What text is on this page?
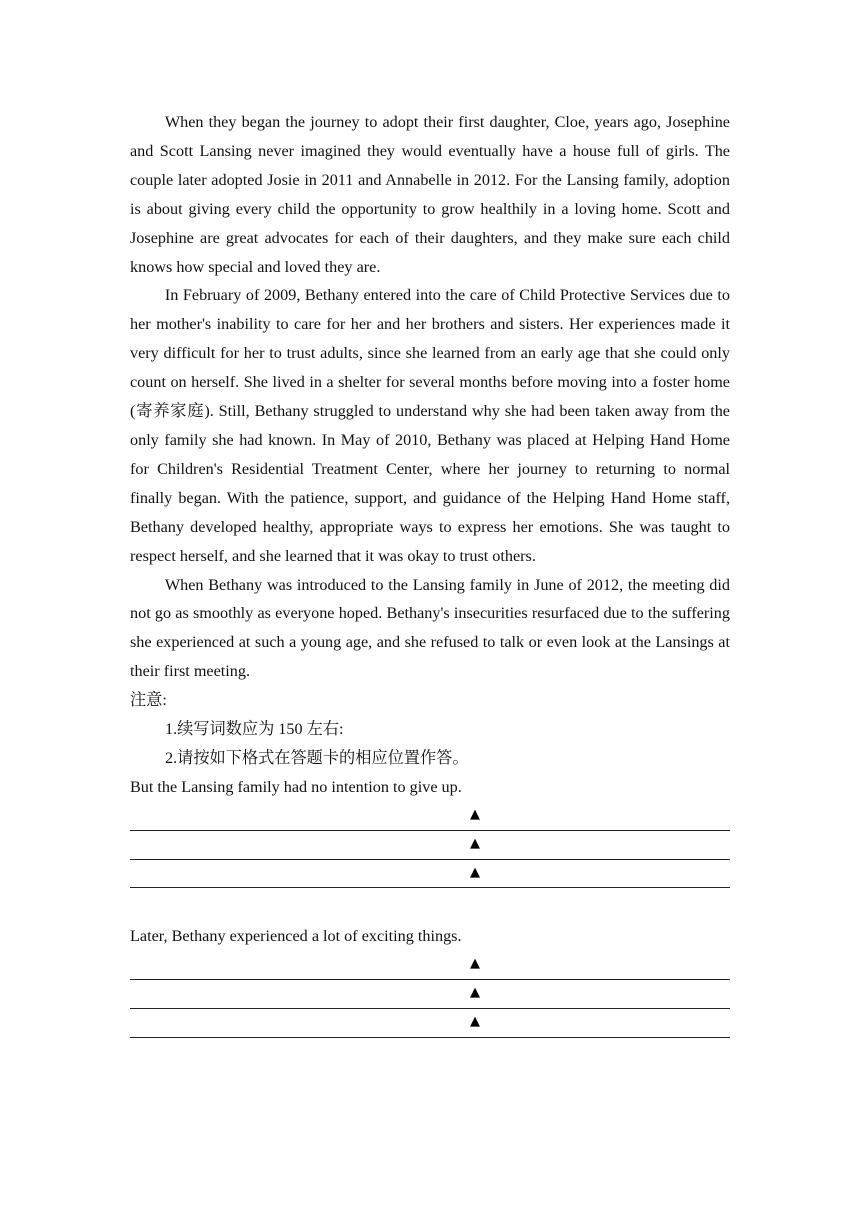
When they began the journey to adopt their first daughter, Cloe, years ago, Josephine and Scott Lansing never imagined they would eventually have a house full of girls. The couple later adopted Josie in 2011 and Annabelle in 2012. For the Lansing family, adoption is about giving every child the opportunity to grow healthily in a loving home. Scott and Josephine are great advocates for each of their daughters, and they make sure each child knows how special and loved they are.

In February of 2009, Bethany entered into the care of Child Protective Services due to her mother's inability to care for her and her brothers and sisters. Her experiences made it very difficult for her to trust adults, since she learned from an early age that she could only count on herself. She lived in a shelter for several months before moving into a foster home (寄养家庭). Still, Bethany struggled to understand why she had been taken away from the only family she had known. In May of 2010, Bethany was placed at Helping Hand Home for Children's Residential Treatment Center, where her journey to returning to normal finally began. With the patience, support, and guidance of the Helping Hand Home staff, Bethany developed healthy, appropriate ways to express her emotions. She was taught to respect herself, and she learned that it was okay to trust others.

When Bethany was introduced to the Lansing family in June of 2012, the meeting did not go as smoothly as everyone hoped. Bethany's insecurities resurfaced due to the suffering she experienced at such a young age, and she refused to talk or even look at the Lansings at their first meeting.

注意:

1.续写词数应为 150 左右:

2.请按如下格式在答题卡的相应位置作答。

But the Lansing family had no intention to give up.

▲
▲
▲

Later, Bethany experienced a lot of exciting things.

▲
▲
▲
